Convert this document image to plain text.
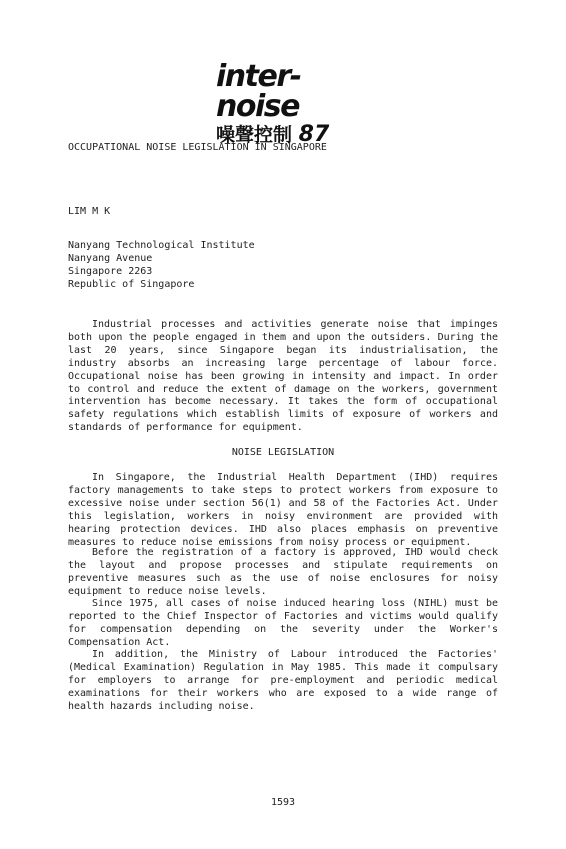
inter-noise
噪聲控制 87
OCCUPATIONAL NOISE LEGISLATION IN SINGAPORE
LIM M K
Nanyang Technological Institute
Nanyang Avenue
Singapore 2263
Republic of Singapore

Industrial processes and activities generate noise that impinges both upon the people engaged in them and upon the outsiders. During the last 20 years, since Singapore began its industrialisation, the industry absorbs an increasing large percentage of labour force. Occupational noise has been growing in intensity and impact. In order to control and reduce the extent of damage on the workers, government intervention has become necessary. It takes the form of occupational safety regulations which establish limits of exposure of workers and standards of performance for equipment.

NOISE LEGISLATION

In Singapore, the Industrial Health Department (IHD) requires factory managements to take steps to protect workers from exposure to excessive noise under section 56(1) and 58 of the Factories Act. Under this legislation, workers in noisy environment are provided with hearing protection devices. IHD also places emphasis on preventive measures to reduce noise emissions from noisy process or equipment.

Before the registration of a factory is approved, IHD would check the layout and propose processes and stipulate requirements on preventive measures such as the use of noise enclosures for noisy equipment to reduce noise levels.

Since 1975, all cases of noise induced hearing loss (NIHL) must be reported to the Chief Inspector of Factories and victims would qualify for compensation depending on the severity under the Worker's Compensation Act.

In addition, the Ministry of Labour introduced the Factories' (Medical Examination) Regulation in May 1985. This made it compulsary for employers to arrange for pre-employment and periodic medical examinations for their workers who are exposed to a wide range of health hazards including noise.

1593
